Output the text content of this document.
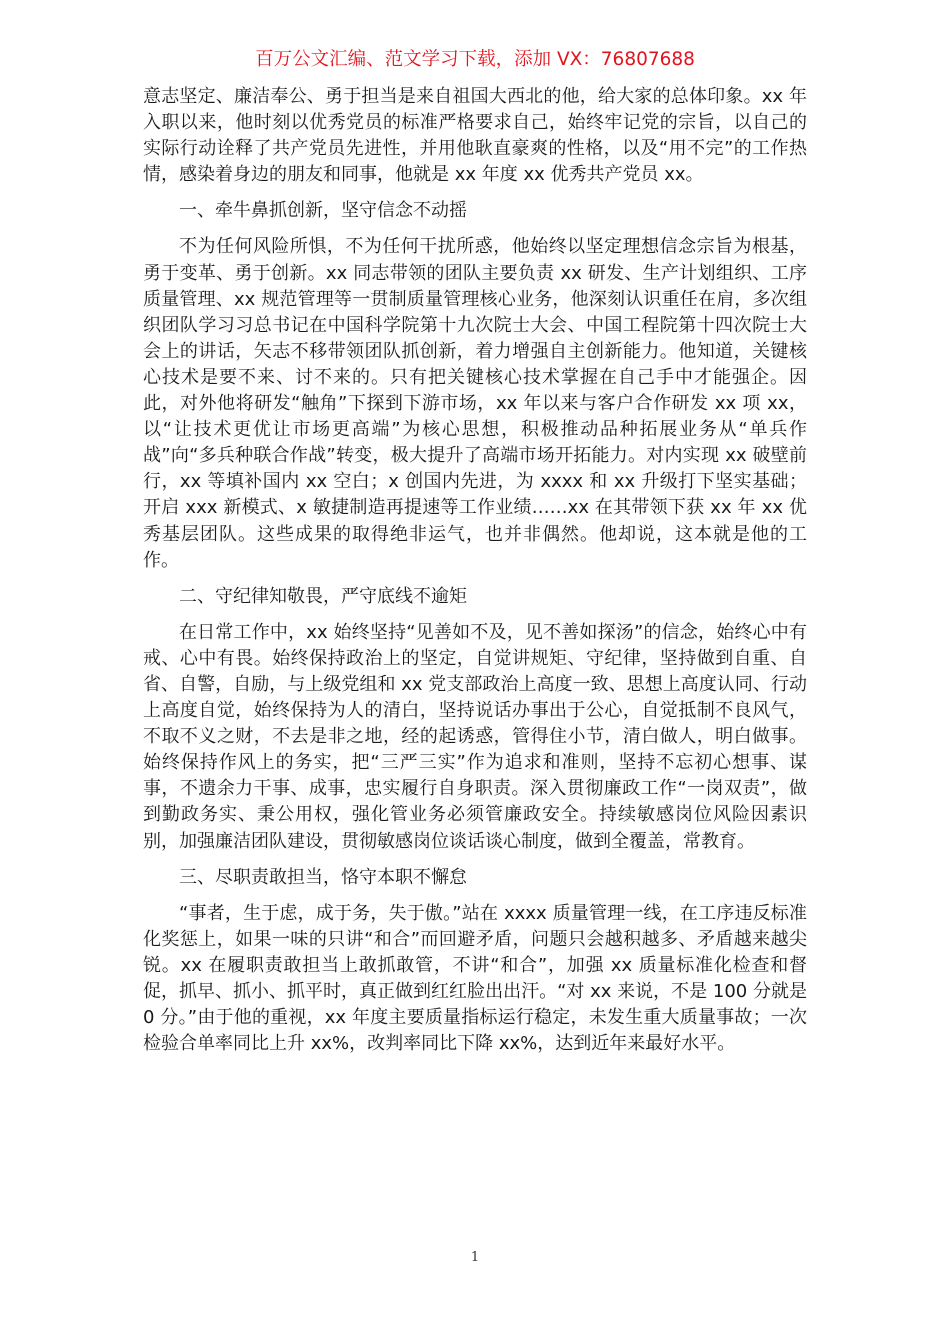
百万公文汇编、范文学习下载，添加 VX：76807688

意志坚定、廉洁奉公、勇于担当是来自祖国大西北的他，给大家的总体印象。xx 年入职以来，他时刻以优秀党员的标准严格要求自己，始终牢记党的宗旨，以自己的实际行动诠释了共产党员先进性，并用他耿直豪爽的性格，以及“用不完”的工作热情，感染着身边的朋友和同事，他就是 xx 年度 xx 优秀共产党员 xx。

一、牵牛鼻抓创新，坚守信念不动摇

不为任何风险所惧，不为任何干扰所惑，他始终以坚定理想信念宗旨为根基，勇于变革、勇于创新。xx 同志带领的团队主要负责 xx 研发、生产计划组织、工序质量管理、xx 规范管理等一贯制质量管理核心业务，他深刻认识重任在肩，多次组织团队学习习总书记在中国科学院第十九次院士大会、中国工程院第十四次院士大会上的讲话，矢志不移带领团队抓创新，着力增强自主创新能力。他知道，关键核心技术是要不来、讨不来的。只有把关键核心技术掌握在自己手中才能强企。因此，对外他将研发“触角”下探到下游市场，xx 年以来与客户合作研发 xx 项 xx，以“让技术更优让市场更高端”为核心思想，积极推动品种拓展业务从“单兵作战”向“多兵种联合作战”转变，极大提升了高端市场开拓能力。对内实现 xx 破壁前行，xx 等填补国内 xx 空白；x 创国内先进，为 xxxx 和 xx 升级打下坚实基础；开启 xxx 新模式、x 敏捷制造再提速等工作业绩……xx 在其带领下获 xx 年 xx 优秀基层团队。这些成果的取得绝非运气，也并非偶然。他却说，这本就是他的工作。

二、守纪律知敬畏，严守底线不逾矩

在日常工作中，xx 始终坚持“见善如不及，见不善如探汤”的信念，始终心中有戒、心中有畏。始终保持政治上的坚定，自觉讲规矩、守纪律，坚持做到自重、自省、自警，自励，与上级党组和 xx 党支部政治上高度一致、思想上高度认同、行动上高度自觉，始终保持为人的清白，坚持说话办事出于公心，自觉抵制不良风气，不取不义之财，不去是非之地，经的起诱惑，管得住小节，清白做人，明白做事。始终保持作风上的务实，把“三严三实”作为追求和准则，坚持不忘初心想事、谋事，不遗余力干事、成事，忠实履行自身职责。深入贯彻廉政工作“一岗双责”，做到勤政务实、秉公用权，强化管业务必须管廉政安全。持续敏感岗位风险因素识别，加强廉洁团队建设，贯彻敏感岗位谈话谈心制度，做到全覆盖，常教育。

三、尽职责敢担当，恪守本职不懈怠

“事者，生于虑，成于务，失于傲。”站在 xxxx 质量管理一线，在工序违反标准化奖惩上，如果一味的只讲“和合”而回避矛盾，问题只会越积越多、矛盾越来越尖锐。xx 在履职责敢担当上敢抓敢管，不讲“和合”，加强 xx 质量标准化检查和督促，抓早、抓小、抓平时，真正做到红红脸出出汗。“对 xx 来说，不是 100 分就是 0 分。”由于他的重视，xx 年度主要质量指标运行稳定，未发生重大质量事故；一次检验合单率同比上升 xx%，改判率同比下降 xx%，达到近年来最好水平。

1
